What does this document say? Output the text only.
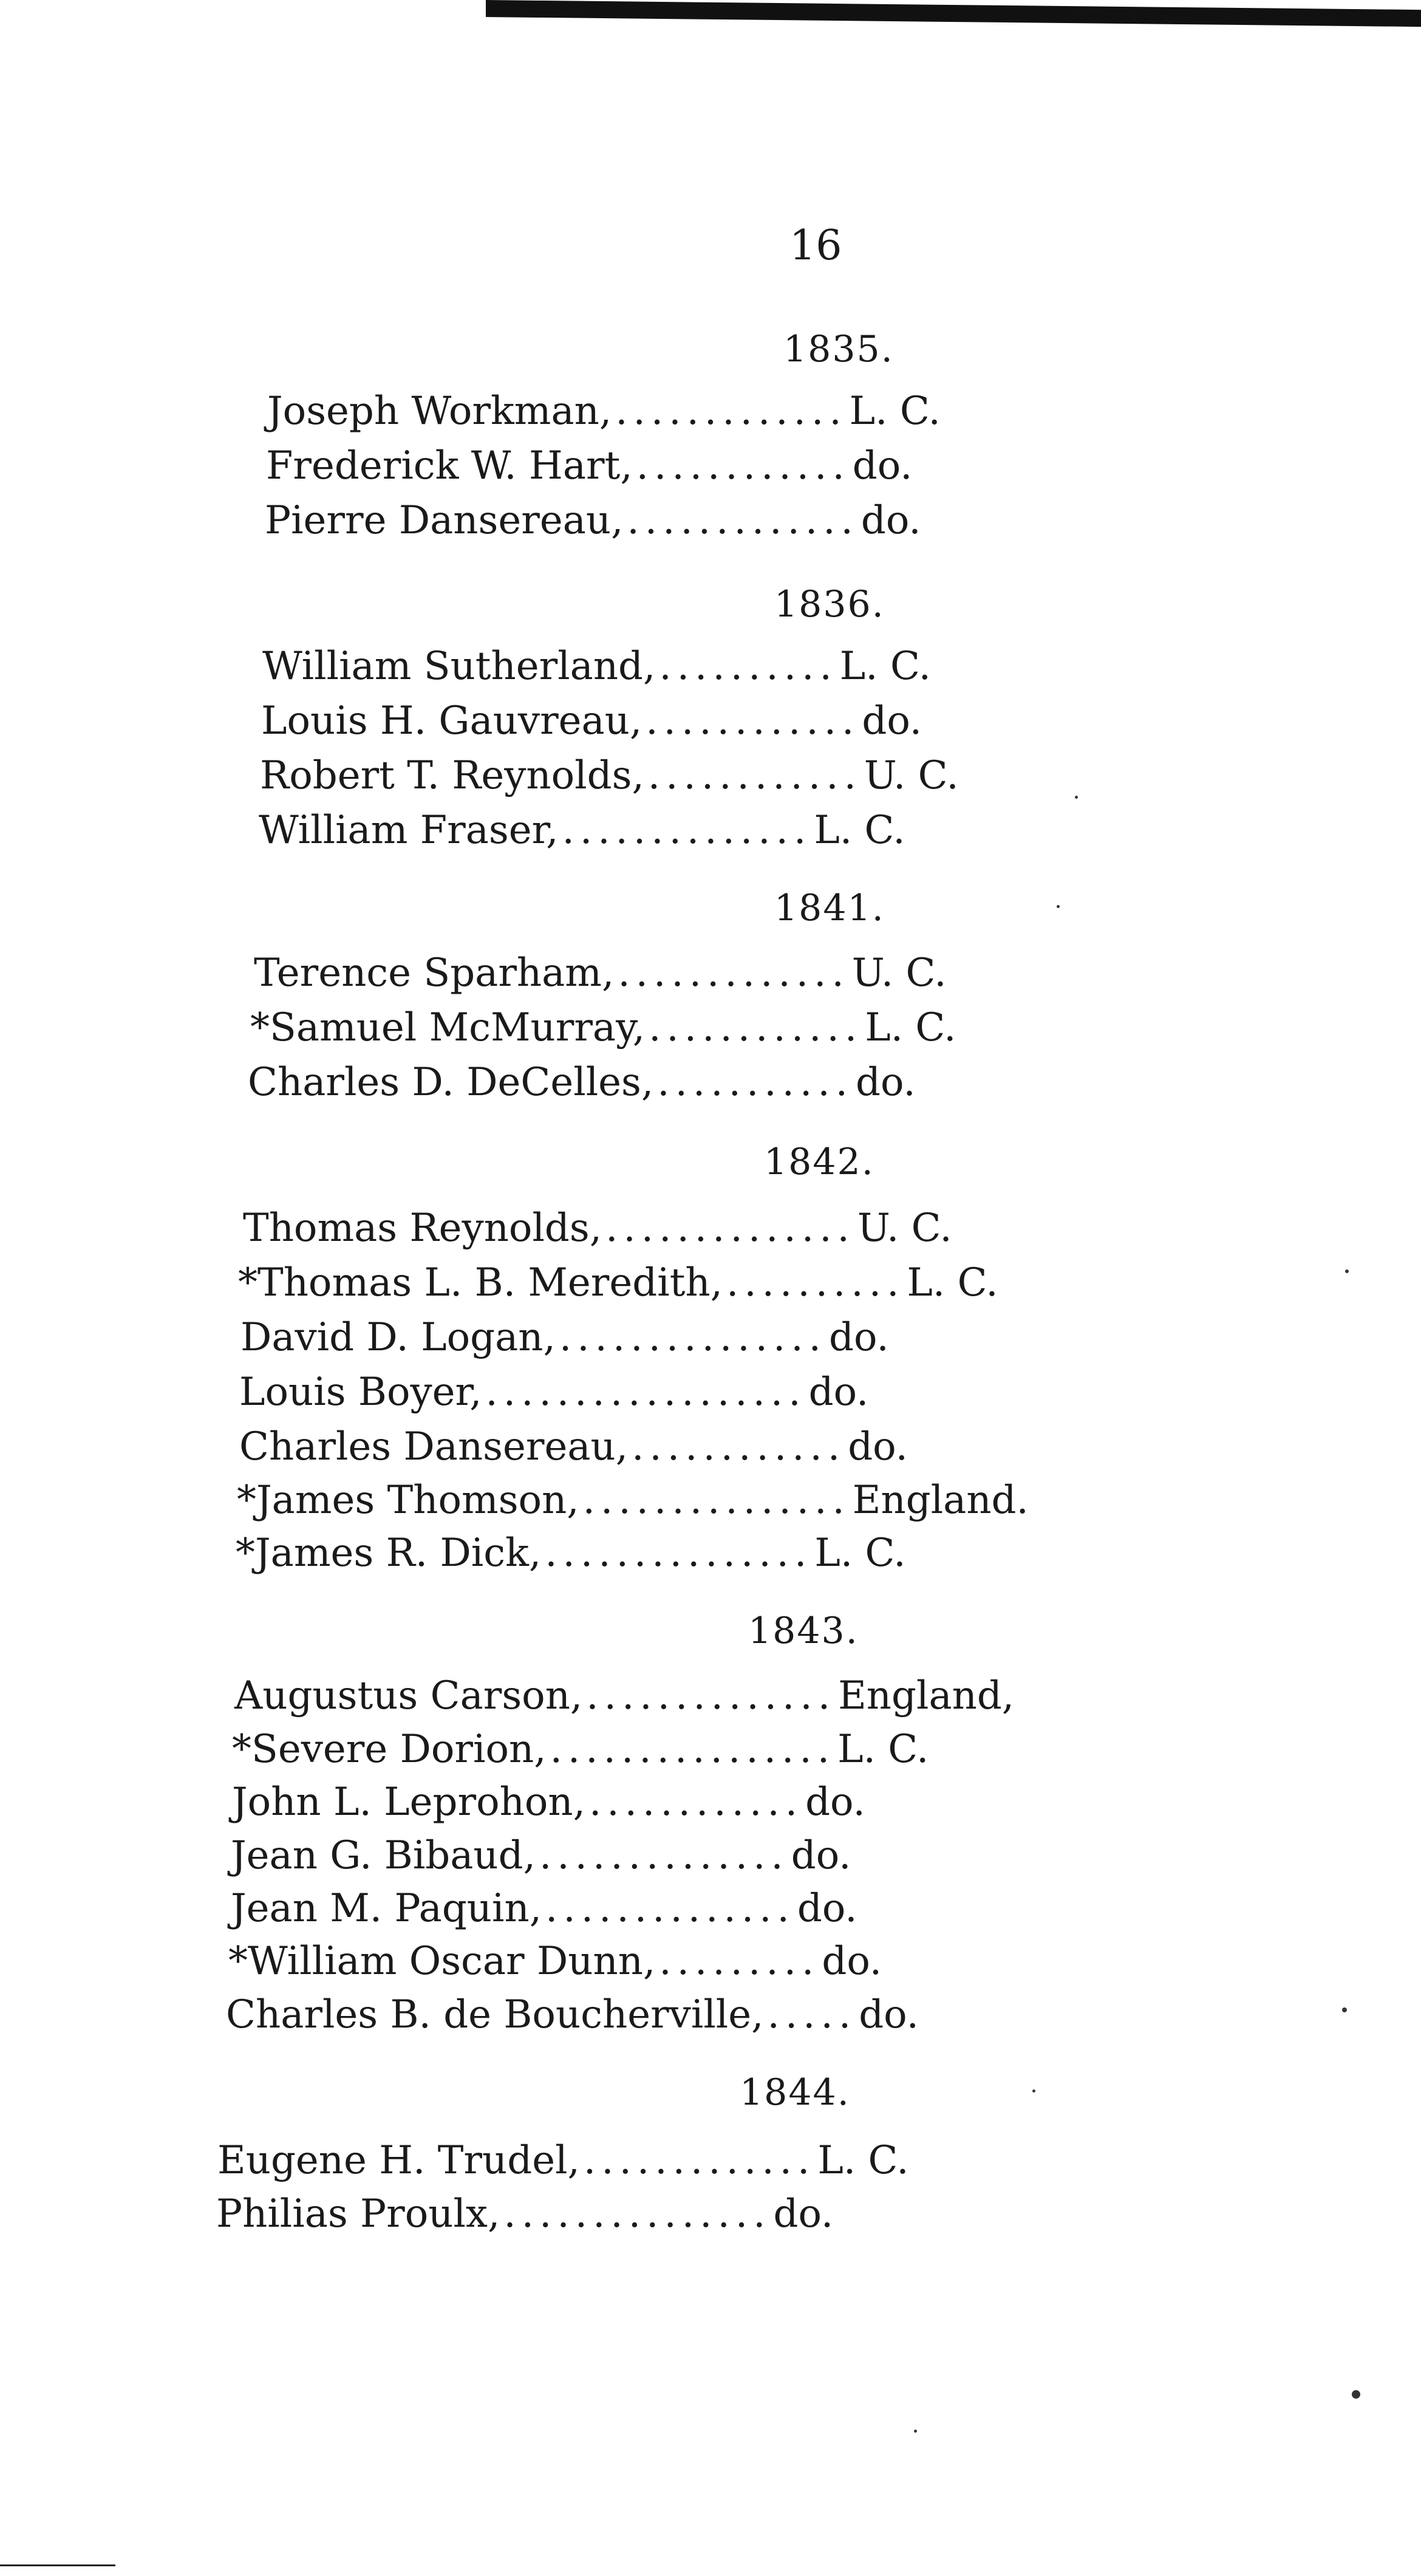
16
1835.
Joseph Workman, ............. L. C.
Frederick W. Hart, ............ do.
Pierre Dansereau, ............. do.
1836.
William Sutherland, .......... L. C.
Louis H. Gauvreau, ............ do.
Robert T. Reynolds, ............ U. C.
William Fraser, .............. L. C.
1841.
Terence Sparham, ............. U. C.
*Samuel McMurray, ............ L. C.
Charles D. DeCelles, ........... do.
1842.
Thomas Reynolds, .............. U. C.
*Thomas L. B. Meredith, .......... L. C.
David D. Logan, ............... do.
Louis Boyer, .................. do.
Charles Dansereau, ............ do.
*James Thomson, ............... England.
*James R. Dick, ............... L. C.
1843.
Augustus Carson, .............. England,
*Severe Dorion, ................ L. C.
John L. Leprohon, ............ do.
Jean G. Bibaud, .............. do.
Jean M. Paquin, .............. do.
*William Oscar Dunn, ......... do.
Charles B. de Boucherville, ..... do.
1844.
Eugene H. Trudel, ............. L. C.
Philias Proulx, ............... do.
